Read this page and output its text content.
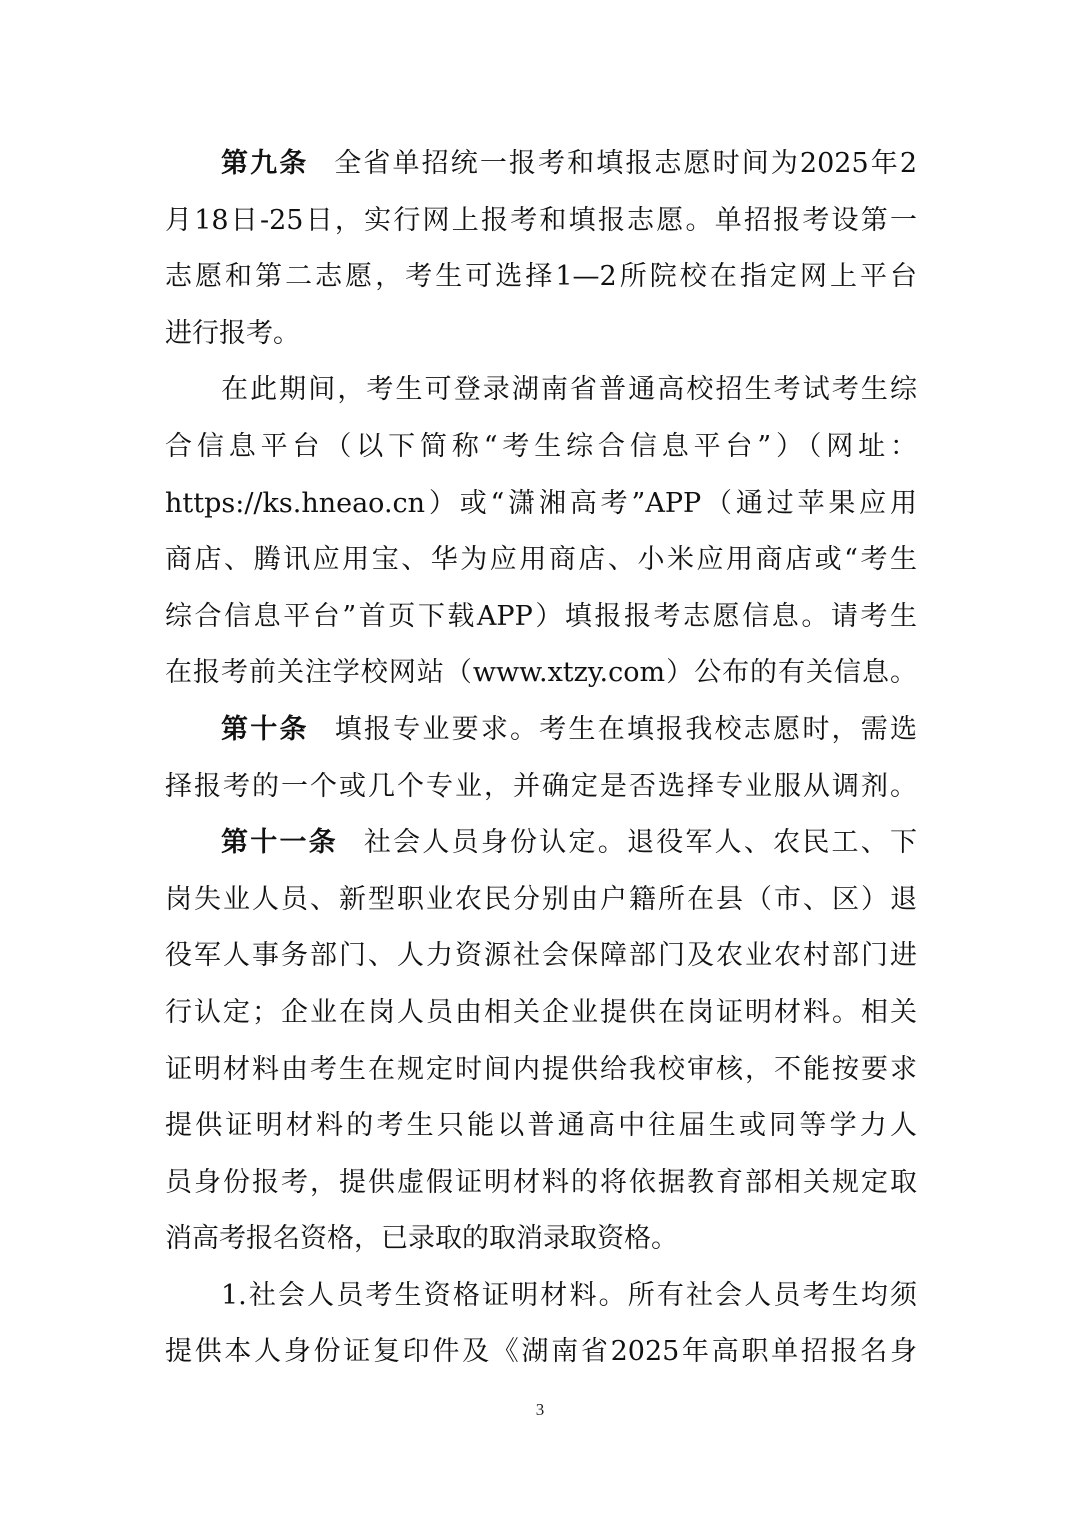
第九条 全省单招统一报考和填报志愿时间为2025年2
月18日-25日，实行网上报考和填报志愿。单招报考设第一
志愿和第二志愿，考生可选择1—2所院校在指定网上平台
进行报考。
在此期间，考生可登录湖南省普通高校招生考试考生综
合信息平台（以下简称“考生综合信息平台”）（网址：
https://ks.hneao.cn）或“潇湘高考”APP（通过苹果应用
商店、腾讯应用宝、华为应用商店、小米应用商店或“考生
综合信息平台”首页下载APP）填报报考志愿信息。请考生
在报考前关注学校网站（www.xtzy.com）公布的有关信息。
第十条 填报专业要求。考生在填报我校志愿时，需选
择报考的一个或几个专业，并确定是否选择专业服从调剂。
第十一条 社会人员身份认定。退役军人、农民工、下
岗失业人员、新型职业农民分别由户籍所在县（市、区）退
役军人事务部门、人力资源社会保障部门及农业农村部门进
行认定；企业在岗人员由相关企业提供在岗证明材料。相关
证明材料由考生在规定时间内提供给我校审核，不能按要求
提供证明材料的考生只能以普通高中往届生或同等学力人
员身份报考，提供虚假证明材料的将依据教育部相关规定取
消高考报名资格，已录取的取消录取资格。
1.社会人员考生资格证明材料。所有社会人员考生均须
提供本人身份证复印件及《湖南省2025年高职单招报名身
3
